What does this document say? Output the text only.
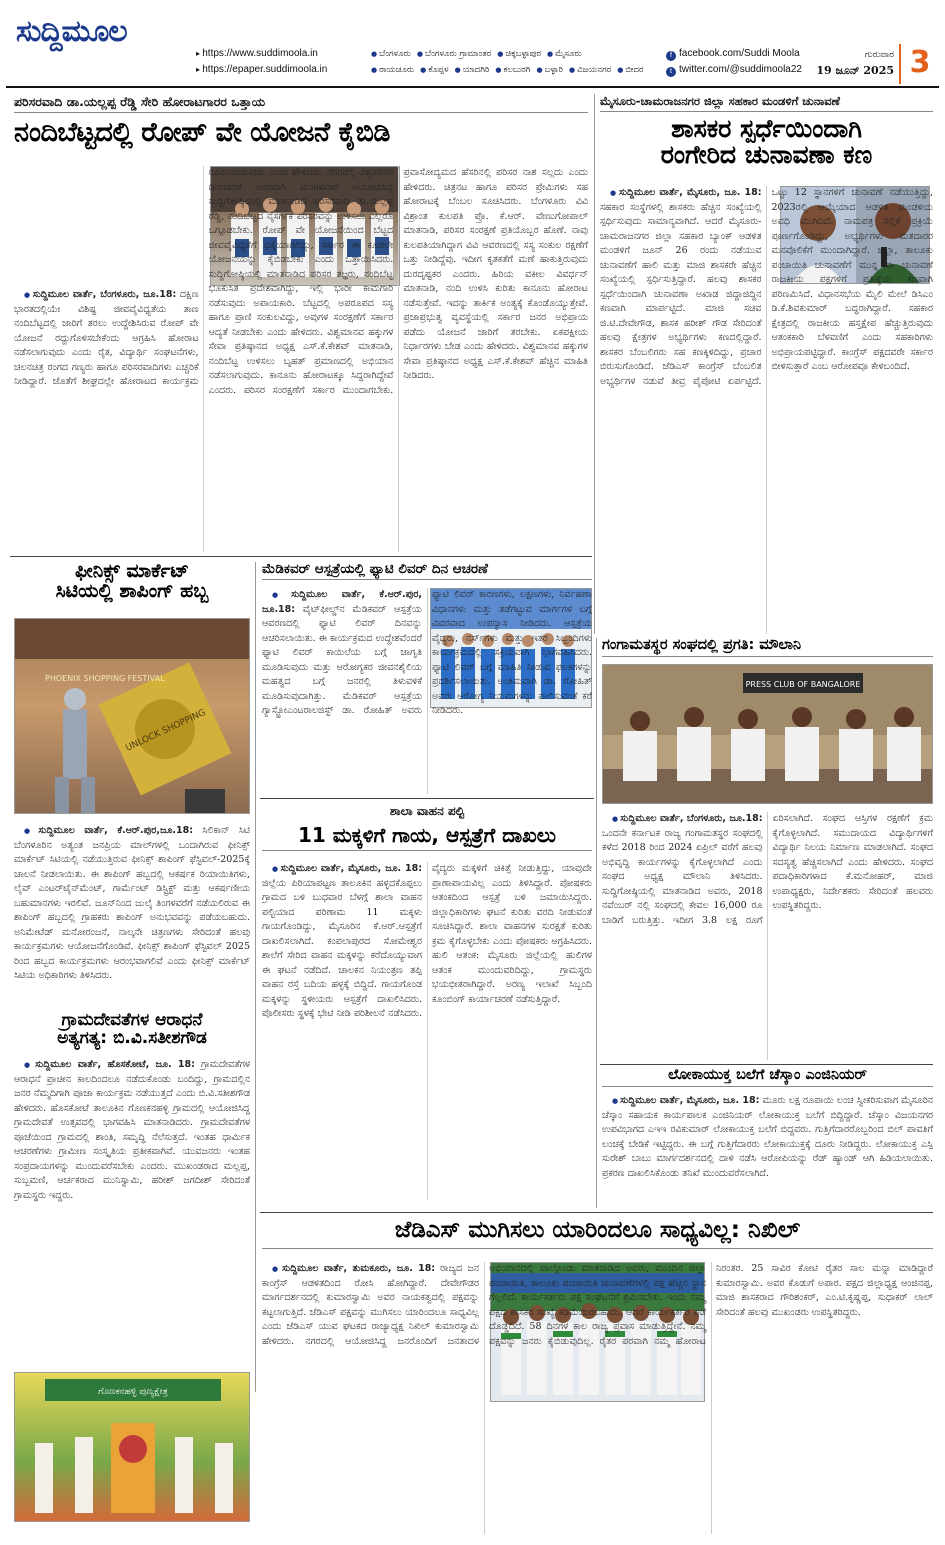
ಸುದ್ದಿಮೂಲ
▸ https://www.suddimoola.in
▸ https://epaper.suddimoola.in
● ಬೆಂಗಳೂರು ● ಬೆಂಗಳೂರು ಗ್ರಾಮಾಂತರ ● ಚಿಕ್ಕಬಳ್ಳಾಪುರ ● ಮೈಸೂರು
● ರಾಯಚೂರು ● ಕೊಪ್ಪಳ ● ಯಾದಗಿರಿ ● ಕಲಬುರಗಿ ● ಬಳ್ಳಾರಿ ● ವಿಜಯನಗರ ● ಬೀದರ
f facebook.com/Suddi Moola
t twitter.com/@suddimoola22
ಗುರುವಾರ
19 ಜೂನ್ 2025 3
ಪರಿಸರವಾದಿ ಡಾ.ಯಲ್ಲಪ್ಪ ರೆಡ್ಡಿ ಸೇರಿ ಹೋರಾಟಗಾರರ ಒತ್ತಾಯ
ನಂದಿಬೆಟ್ಟದಲ್ಲಿ ರೋಪ್ ವೇ ಯೋಜನೆ ಕೈಬಿಡಿ

● ಸುದ್ದಿಮೂಲ ವಾರ್ತೆ, ಬೆಂಗಳೂರು, ಜೂ.18: ದಕ್ಷಿಣ ಭಾರತದಲ್ಲಿಯೇ ವಿಶಿಷ್ಟ ಜೀವವೈವಿಧ್ಯತೆಯ ತಾಣ ನಂದಿಬೆಟ್ಟದಲ್ಲಿ ಜಾರಿಗೆ ತರಲು ಉದ್ದೇಶಿಸಿರುವ ರೋಪ್ ವೇ ಯೋಜನೆ ರದ್ದುಗೊಳಿಸಬೇಕೆಂದು ಆಗ್ರಹಿಸಿ ಹೋರಾಟ ನಡೆಸಲಾಗುವುದು ಎಂದು ರೈತ, ವಿದ್ಯಾರ್ಥಿ ಸಂಘಟನೆಗಳು, ಚಲನಚಿತ್ರ ರಂಗದ ಗಣ್ಯರು ಹಾಗೂ ಪರಿಸರವಾದಿಗಳು ಎಚ್ಚರಿಕೆ ನೀಡಿದ್ದಾರೆ. ಜೊತೆಗೆ ಶೀಘ್ರದಲ್ಲೇ ಹೋರಾಟದ ಕಾರ್ಯಕ್ರಮ ರೂಪಿಸಲಾಗುವುದು ಎಂದು ಹೇಳಿದರು. ನಗರದಲ್ಲಿ ವಿಶ್ವಪರಿಸರ ದಿನಾಚರಣೆ ಅಂಗವಾಗಿ ಮಂಗಳವಾರ ಆಯೋಜಿಸಿದ್ದ ಸುದ್ದಿಗೋಷ್ಠಿಯಲ್ಲಿ ಮಾತನಾಡಿದ ಪರಿಸರವಾದಿ ಡಾ.ಯಲ್ಲಪ್ಪ ರೆಡ್ಡಿ, ನಂದಿಬೆಟ್ಟದ ನೈಸರ್ಗಿಕ ಪರಿಸರವನ್ನು ಉಳಿಸಲು ಎಲ್ಲರೂ ಒಗ್ಗೂಡಬೇಕು. ರೋಪ್ ವೇ ಯೋಜನೆಯಿಂದ ಬೆಟ್ಟದ ಜೀವವೈವಿಧ್ಯತೆಗೆ ಧಕ್ಕೆಯಾಗಲಿದ್ದು, ಸರ್ಕಾರ ಈ ಕೂಡಲೇ ಯೋಜನೆಯನ್ನು ಕೈಬಿಡಬೇಕು ಎಂದು ಒತ್ತಾಯಿಸಿದರು. ಸುದ್ದಿಗೋಷ್ಠಿಯಲ್ಲಿ ಮಾತನಾಡಿದ ಪರಿಸರ ತಜ್ಞರು, ನಂದಿಬೆಟ್ಟ ಭೂಕುಸಿತ ಪ್ರದೇಶವಾಗಿದ್ದು, ಇಲ್ಲಿ ಭಾರೀ ಕಾಮಗಾರಿ ನಡೆಸುವುದು ಅಪಾಯಕಾರಿ. ಬೆಟ್ಟದಲ್ಲಿ ಅಪರೂಪದ ಸಸ್ಯ ಹಾಗೂ ಪ್ರಾಣಿ ಸಂಕುಲವಿದ್ದು, ಅವುಗಳ ಸಂರಕ್ಷಣೆಗೆ ಸರ್ಕಾರ ಆದ್ಯತೆ ನೀಡಬೇಕು ಎಂದು ಹೇಳಿದರು. ವಿಶ್ವಮಾನವ ಹಕ್ಕುಗಳ ಸೇವಾ ಪ್ರತಿಷ್ಠಾನದ ಅಧ್ಯಕ್ಷ ಎಸ್.ಕೆ.ಕೇಶವ್ ಮಾತನಾಡಿ, ನಂದಿಬೆಟ್ಟ ಉಳಿಸಲು ಬೃಹತ್ ಪ್ರಮಾಣದಲ್ಲಿ ಅಭಿಯಾನ ನಡೆಸಲಾಗುವುದು. ಕಾನೂನು ಹೋರಾಟಕ್ಕೂ ಸಿದ್ಧರಾಗಿದ್ದೇವೆ ಎಂದರು. ಪರಿಸರ ಸಂರಕ್ಷಣೆಗೆ ಸರ್ಕಾರ ಮುಂದಾಗಬೇಕು. ಪ್ರವಾಸೋದ್ಯಮದ ಹೆಸರಿನಲ್ಲಿ ಪರಿಸರ ನಾಶ ಸಲ್ಲದು ಎಂದು ಹೇಳಿದರು. ಚಿತ್ರನಟ ಹಾಗೂ ಪರಿಸರ ಪ್ರೇಮಿಗಳು ಸಹ ಹೋರಾಟಕ್ಕೆ ಬೆಂಬಲ ಸೂಚಿಸಿದರು. ಬೆಂಗಳೂರು ವಿವಿ ವಿಶ್ರಾಂತ ಕುಲಪತಿ ಪ್ರೊ. ಕೆ.ಆರ್. ವೇಣುಗೋಪಾಲ್ ಮಾತನಾಡಿ, ಪರಿಸರ ಸಂರಕ್ಷಣೆ ಪ್ರತಿಯೊಬ್ಬರ ಹೊಣೆ. ನಾವು ಕುಲಪತಿಯಾಗಿದ್ದಾಗ ವಿವಿ ಆವರಣದಲ್ಲಿ ಸಸ್ಯ ಸಂಕುಲ ರಕ್ಷಣೆಗೆ ಒತ್ತು ನೀಡಿದ್ದೆವು. ಇದೀಗ ಕೃತಕತೆಗೆ ಮಣೆ ಹಾಕುತ್ತಿರುವುದು ದುರದೃಷ್ಟಕರ ಎಂದರು. ಹಿರಿಯ ವಕೀಲ ವಿವರ್ಧನ್ ಮಾತನಾಡಿ, ನಂದಿ ಉಳಿಸಿ ಕುರಿತು ಕಾನೂನು ಹೋರಾಟ ನಡೆಸುತ್ತೇವೆ. ಇದನ್ನು ತಾರ್ಕಿಕ ಅಂತ್ಯಕ್ಕೆ ಕೊಂಡೊಯ್ಯುತ್ತೇವೆ. ಪ್ರಜಾಪ್ರಭುತ್ವ ವ್ಯವಸ್ಥೆಯಲ್ಲಿ ಸರ್ಕಾರ ಜನರ ಅಭಿಪ್ರಾಯ ಪಡೆದು ಯೋಜನೆ ಜಾರಿಗೆ ತರಬೇಕು. ಏಕಪಕ್ಷೀಯ ನಿರ್ಧಾರಗಳು ಬೇಡ ಎಂದು ಹೇಳಿದರು. ವಿಶ್ವಮಾನವ ಹಕ್ಕುಗಳ ಸೇವಾ ಪ್ರತಿಷ್ಠಾನದ ಅಧ್ಯಕ್ಷ ಎಸ್.ಕೆ.ಕೇಶವ್ ಹೆಚ್ಚಿನ ಮಾಹಿತಿ ನೀಡಿದರು.

ಮೈಸೂರು-ಚಾಮರಾಜನಗರ ಜಿಲ್ಲಾ ಸಹಕಾರ ಮಂಡಳಿಗೆ ಚುನಾವಣೆ
ಶಾಸಕರ ಸ್ಪರ್ಧೆಯಿಂದಾಗಿ
ರಂಗೇರಿದ ಚುನಾವಣಾ ಕಣ

● ಸುದ್ದಿಮೂಲ ವಾರ್ತೆ, ಮೈಸೂರು, ಜೂ. 18: ಸಹಕಾರ ಸಂಸ್ಥೆಗಳಲ್ಲಿ ಶಾಸಕರು ಹೆಚ್ಚಿನ ಸಂಖ್ಯೆಯಲ್ಲಿ ಸ್ಪರ್ಧಿಸುವುದು ಸಾಮಾನ್ಯವಾಗಿದೆ. ಆದರೆ ಮೈಸೂರು-ಚಾಮರಾಜನಗರ ಜಿಲ್ಲಾ ಸಹಕಾರ ಬ್ಯಾಂಕ್ ಆಡಳಿತ ಮಂಡಳಿಗೆ ಜೂನ್ 26 ರಂದು ನಡೆಯುವ ಚುನಾವಣೆಗೆ ಹಾಲಿ ಮತ್ತು ಮಾಜಿ ಶಾಸಕರೇ ಹೆಚ್ಚಿನ ಸಂಖ್ಯೆಯಲ್ಲಿ ಸ್ಪರ್ಧಿಸುತ್ತಿದ್ದಾರೆ. ಹಲವು ಶಾಸಕರ ಸ್ಪರ್ಧೆಯಿಂದಾಗಿ ಚುನಾವಣಾ ಅಖಾಡ ಜಿದ್ದಾಜಿದ್ದಿನ ಕಣವಾಗಿ ಮಾರ್ಪಟ್ಟಿದೆ. ಮಾಜಿ ಸಚಿವ ಜಿ.ಟಿ.ದೇವೇಗೌಡ, ಶಾಸಕ ಹರೀಶ್ ಗೌಡ ಸೇರಿದಂತೆ ಹಲವು ಕ್ಷೇತ್ರಗಳ ಅಭ್ಯರ್ಥಿಗಳು ಕಣದಲ್ಲಿದ್ದಾರೆ. ಶಾಸಕರ ಬೆಂಬಲಿಗರು ಸಹ ಕಣಕ್ಕಿಳಿದಿದ್ದು, ಪ್ರಚಾರ ಬಿರುಸುಗೊಂಡಿದೆ. ಜೆಡಿಎಸ್ ಕಾಂಗ್ರೆಸ್ ಬೆಂಬಲಿತ ಅಭ್ಯರ್ಥಿಗಳ ನಡುವೆ ತೀವ್ರ ಪೈಪೋಟಿ ಏರ್ಪಟ್ಟಿದೆ. ಒಟ್ಟು 12 ಸ್ಥಾನಗಳಿಗೆ ಚುನಾವಣೆ ನಡೆಯುತ್ತಿದ್ದು, 2023ರಲ್ಲಿ ಆಯ್ಕೆಯಾದ ಆಡಳಿತ ಮಂಡಳಿಯ ಅವಧಿ ಮುಗಿದಿದೆ. ನಾಮಪತ್ರ ಸಲ್ಲಿಕೆ ಪ್ರಕ್ರಿಯೆ ಪೂರ್ಣಗೊಂಡಿದ್ದು, ಅಭ್ಯರ್ಥಿಗಳು ಮತದಾರರ ಮನವೊಲಿಕೆಗೆ ಮುಂದಾಗಿದ್ದಾರೆ. ಜಿಲ್ಲಾ, ತಾಲೂಕು ಪಂಚಾಯಿತಿ ಚುನಾವಣೆಗೆ ಮುನ್ನ ಈ ಚುನಾವಣೆ ರಾಜಕೀಯ ಪಕ್ಷಗಳಿಗೆ ಪ್ರತಿಷ್ಠೆಯ ಕಣವಾಗಿ ಪರಿಣಮಿಸಿದೆ. ವಿಧಾನಸಭೆಯ ಮೈಲಿ ಮೇಲೆ ಡಿಸಿಎಂ ಡಿ.ಕೆ.ಶಿವಕುಮಾರ್ ಬದ್ಧರಾಗಿದ್ದಾರೆ. ಸಹಕಾರ ಕ್ಷೇತ್ರದಲ್ಲಿ ರಾಜಕೀಯ ಹಸ್ತಕ್ಷೇಪ ಹೆಚ್ಚುತ್ತಿರುವುದು ಆತಂಕಕಾರಿ ಬೆಳವಣಿಗೆ ಎಂದು ಸಹಕಾರಿಗಳು ಅಭಿಪ್ರಾಯಪಟ್ಟಿದ್ದಾರೆ. ಕಾಂಗ್ರೆಸ್ ಪಕ್ಷದವರೇ ಸರ್ಕಾರ ಬೀಳಿಸುತ್ತಾರೆ ಎಂಬ ಆರೋಪವೂ ಕೇಳಿಬಂದಿದೆ.

ಫೀನಿಕ್ಸ್ ಮಾರ್ಕೆಟ್
ಸಿಟಿಯಲ್ಲಿ ಶಾಪಿಂಗ್ ಹಬ್ಬ
UNLOCK SHOPPING
PHOENIX SHOPPING FESTIVAL

● ಸುದ್ದಿಮೂಲ ವಾರ್ತೆ, ಕೆ.ಆರ್.ಪುರ,ಜೂ.18: ಸಿಲಿಕಾನ್ ಸಿಟಿ ಬೆಂಗಳೂರಿನ ಅತ್ಯಂತ ಜನಪ್ರಿಯ ಮಾಲ್‌ಗಳಲ್ಲಿ ಒಂದಾಗಿರುವ ಫೀನಿಕ್ಸ್ ಮಾರ್ಕೆಟ್ ಸಿಟಿಯಲ್ಲಿ ನಡೆಯುತ್ತಿರುವ ಫೀನಿಕ್ಸ್ ಶಾಪಿಂಗ್ ಫೆಸ್ಟಿವಲ್-2025ಕ್ಕೆ ಚಾಲನೆ ನೀಡಲಾಯಿತು. ಈ ಶಾಪಿಂಗ್ ಹಬ್ಬದಲ್ಲಿ ಆಕರ್ಷಕ ರಿಯಾಯಿತಿಗಳು, ಲೈವ್ ಎಂಟರ್‌ಟೈನ್‌ಮೆಂಟ್, ಗಾರ್ಮೆಂಟ್ ಡಿಸ್ಟ್ರಿಕ್ಟ್ ಮತ್ತು ಆಕರ್ಷಣೀಯ ಬಹುಮಾನಗಳು ಇರಲಿವೆ. ಜೂನ್‌ನಿಂದ ಜುಲೈ ತಿಂಗಳವರೆಗೆ ನಡೆಯಲಿರುವ ಈ ಶಾಪಿಂಗ್ ಹಬ್ಬದಲ್ಲಿ ಗ್ರಾಹಕರು ಶಾಪಿಂಗ್ ಅನುಭವವನ್ನು ಪಡೆಯಬಹುದು. ಅನಿಮೇಟೆಡ್ ಮನೋರಂಜನೆ, ನಾಲ್ಕನೇ ಚಿತ್ರಣಗಳು ಸೇರಿದಂತೆ ಹಲವು ಕಾರ್ಯಕ್ರಮಗಳು ಆಯೋಜನೆಗೊಂಡಿವೆ. ಫೀನಿಕ್ಸ್ ಶಾಪಿಂಗ್ ಫೆಸ್ಟಿವಲ್ 2025 ರಿಂದ ಹಬ್ಬದ ಕಾರ್ಯಕ್ರಮಗಳು ಆರಂಭವಾಗಲಿವೆ ಎಂದು ಫೀನಿಕ್ಸ್ ಮಾರ್ಕೆಟ್ ಸಿಟಿಯ ಅಧಿಕಾರಿಗಳು ತಿಳಿಸಿದರು.

ಗ್ರಾಮದೇವತೆಗಳ ಆರಾಧನೆ
ಅತ್ಯಗತ್ಯ: ಬಿ.ವಿ.ಸತೀಶಗೌಡ

● ಸುದ್ದಿಮೂಲ ವಾರ್ತೆ, ಹೊಸಕೋಟೆ, ಜೂ. 18: ಗ್ರಾಮದೇವತೆಗಳ ಆರಾಧನೆ ಪ್ರಾಚೀನ ಕಾಲದಿಂದಲೂ ನಡೆದುಕೊಂಡು ಬಂದಿದ್ದು, ಗ್ರಾಮದಲ್ಲಿನ ಜನರ ನೆಮ್ಮದಿಗಾಗಿ ಪೂಜಾ ಕಾರ್ಯಕ್ರಮ ನಡೆಯುತ್ತದೆ ಎಂದು ಬಿ.ವಿ.ಸತೀಶಗೌಡ ಹೇಳಿದರು. ಹೊಸಕೋಟೆ ತಾಲೂಕಿನ ಗೊಣಕನಹಳ್ಳಿ ಗ್ರಾಮದಲ್ಲಿ ಆಯೋಜಿಸಿದ್ದ ಗ್ರಾಮದೇವತೆ ಉತ್ಸವದಲ್ಲಿ ಭಾಗವಹಿಸಿ ಮಾತನಾಡಿದರು. ಗ್ರಾಮದೇವತೆಗಳ ಪೂಜೆಯಿಂದ ಗ್ರಾಮದಲ್ಲಿ ಶಾಂತಿ, ಸಮೃದ್ಧಿ ನೆಲೆಸುತ್ತದೆ. ಇಂತಹ ಧಾರ್ಮಿಕ ಆಚರಣೆಗಳು ಗ್ರಾಮೀಣ ಸಂಸ್ಕೃತಿಯ ಪ್ರತೀಕವಾಗಿವೆ. ಯುವಜನರು ಇಂತಹ ಸಂಪ್ರದಾಯಗಳನ್ನು ಮುಂದುವರೆಸಬೇಕು ಎಂದರು. ಮುಖಂಡರಾದ ಮಲ್ಲಪ್ಪ, ಸುಬ್ಬಮಣಿ, ಆರ್ಚಕರಾದ ಮುನಿಸ್ವಾಮಿ, ಹರೀಶ್ ಜಗದೀಶ್ ಸೇರಿದಂತೆ ಗ್ರಾಮಸ್ಥರು ಇದ್ದರು.

ಗೊಣಕನಹಳ್ಳಿ ಪುಣ್ಯಕ್ಷೇತ್ರ
ಮೆಡಿಕವರ್ ಆಸ್ಪತ್ರೆಯಲ್ಲಿ ಫ್ಯಾಟಿ ಲಿವರ್ ದಿನ ಆಚರಣೆ

● ಸುದ್ದಿಮೂಲ ವಾರ್ತೆ, ಕೆ.ಆರ್.ಪುರ, ಜೂ.18: ವೈಟ್‌ಫೀಲ್ಡ್‌ನ ಮೆಡಿಕವರ್ ಆಸ್ಪತ್ರೆಯ ಆವರಣದಲ್ಲಿ ಫ್ಯಾಟಿ ಲಿವರ್ ದಿನವನ್ನು ಆಚರಿಸಲಾಯಿತು. ಈ ಕಾರ್ಯಕ್ರಮದ ಉದ್ದೇಶವೆಂದರೆ ಫ್ಯಾಟಿ ಲಿವರ್ ಕಾಯಿಲೆಯ ಬಗ್ಗೆ ಜಾಗೃತಿ ಮೂಡಿಸುವುದು ಮತ್ತು ಆರೋಗ್ಯಕರ ಜೀವನಶೈಲಿಯ ಮಹತ್ವದ ಬಗ್ಗೆ ಜನರಲ್ಲಿ ತಿಳುವಳಿಕೆ ಮೂಡಿಸುವುದಾಗಿತ್ತು. ಮೆಡಿಕವರ್ ಆಸ್ಪತ್ರೆಯ ಗ್ಯಾಸ್ಟ್ರೋಎಂಟರಾಲಜಿಸ್ಟ್ ಡಾ. ರೋಹಿತ್ ಅವರು ಫ್ಯಾಟಿ ಲಿವರ್ ಕಾರಣಗಳು, ಲಕ್ಷಣಗಳು, ನಿರ್ವಹಣಾ ವಿಧಾನಗಳು ಮತ್ತು ತಡೆಗಟ್ಟುವ ಮಾರ್ಗಗಳ ಬಗ್ಗೆ ವಿವರವಾದ ಉಪನ್ಯಾಸ ನೀಡಿದರು. ಆಸ್ಪತ್ರೆಯ ವೈದ್ಯರು, ನರ್ಸ್‌ಗಳು ಮತ್ತು ಇತರ ಸಿಬ್ಬಂದಿಗಳು ಕಾರ್ಯಕ್ರಮದಲ್ಲಿ ಸಕ್ರಿಯವಾಗಿ ಭಾಗವಹಿಸಿದರು. ಫ್ಯಾಟಿ ಲಿವರ್ ಬಗ್ಗೆ ಮಾಹಿತಿ ನೀಡುವ ಫಲಕಗಳನ್ನು ಪ್ರದರ್ಶಿಸಲಾಯಿತು. ಅಂತಿಮವಾಗಿ ಡಾ. ರೋಹಿತ್ ಅವರು ಆರೋಗ್ಯ ನಿಯಮಗಳನ್ನು ಪಾಲಿಸುವಂತೆ ಕರೆ ನೀಡಿದರು.

ಶಾಲಾ ವಾಹನ ಪಲ್ಟಿ
11 ಮಕ್ಕಳಿಗೆ ಗಾಯ, ಆಸ್ಪತ್ರೆಗೆ ದಾಖಲು

● ಸುದ್ದಿಮೂಲ ವಾರ್ತೆ, ಮೈಸೂರು, ಜೂ. 18: ಜಿಲ್ಲೆಯ ಪಿರಿಯಾಪಟ್ಟಣ ತಾಲೂಕಿನ ಹಳ್ಳದಕೊಪ್ಪಲು ಗ್ರಾಮದ ಬಳಿ ಬುಧವಾರ ಬೆಳಗ್ಗೆ ಶಾಲಾ ವಾಹನ ಪಲ್ಟಿಯಾದ ಪರಿಣಾಮ 11 ಮಕ್ಕಳು ಗಾಯಗೊಂಡಿದ್ದು, ಮೈಸೂರಿನ ಕೆ.ಆರ್.ಆಸ್ಪತ್ರೆಗೆ ದಾಖಲಿಸಲಾಗಿದೆ. ಕಂಪಲಾಪುರದ ಸೋಮೇಶ್ವರ ಶಾಲೆಗೆ ಸೇರಿದ ವಾಹನ ಮಕ್ಕಳನ್ನು ಕರೆದೊಯ್ಯುವಾಗ ಈ ಘಟನೆ ನಡೆದಿದೆ. ಚಾಲಕನ ನಿಯಂತ್ರಣ ತಪ್ಪಿ ವಾಹನ ರಸ್ತೆ ಬದಿಯ ಹಳ್ಳಕ್ಕೆ ಬಿದ್ದಿದೆ. ಗಾಯಗೊಂಡ ಮಕ್ಕಳನ್ನು ಸ್ಥಳೀಯರು ಆಸ್ಪತ್ರೆಗೆ ದಾಖಲಿಸಿದರು. ಪೊಲೀಸರು ಸ್ಥಳಕ್ಕೆ ಭೇಟಿ ನೀಡಿ ಪರಿಶೀಲನೆ ನಡೆಸಿದರು. ವೈದ್ಯರು ಮಕ್ಕಳಿಗೆ ಚಿಕಿತ್ಸೆ ನೀಡುತ್ತಿದ್ದು, ಯಾವುದೇ ಪ್ರಾಣಾಪಾಯವಿಲ್ಲ ಎಂದು ತಿಳಿಸಿದ್ದಾರೆ. ಪೋಷಕರು ಆತಂಕದಿಂದ ಆಸ್ಪತ್ರೆ ಬಳಿ ಜಮಾಯಿಸಿದ್ದರು. ಜಿಲ್ಲಾಧಿಕಾರಿಗಳು ಘಟನೆ ಕುರಿತು ವರದಿ ನೀಡುವಂತೆ ಸೂಚಿಸಿದ್ದಾರೆ. ಶಾಲಾ ವಾಹನಗಳ ಸುರಕ್ಷತೆ ಕುರಿತು ಕ್ರಮ ಕೈಗೊಳ್ಳಬೇಕು ಎಂದು ಪೋಷಕರು ಆಗ್ರಹಿಸಿದರು. ಹುಲಿ ಆತಂಕ: ಮೈಸೂರು ಜಿಲ್ಲೆಯಲ್ಲಿ ಹುಲಿಗಳ ಆತಂಕ ಮುಂದುವರಿದಿದ್ದು, ಗ್ರಾಮಸ್ಥರು ಭಯಭೀತರಾಗಿದ್ದಾರೆ. ಅರಣ್ಯ ಇಲಾಖೆ ಸಿಬ್ಬಂದಿ ಕೂಂಬಿಂಗ್ ಕಾರ್ಯಾಚರಣೆ ನಡೆಸುತ್ತಿದ್ದಾರೆ.

ಗಂಗಾಮತಸ್ಥರ ಸಂಘದಲ್ಲಿ ಪ್ರಗತಿ: ಮೌಲಾನಿ
PRESS CLUB OF BANGALORE

● ಸುದ್ದಿಮೂಲ ವಾರ್ತೆ, ಬೆಂಗಳೂರು, ಜೂ.18: ಒಂದನೇ ಕರ್ನಾಟಕ ರಾಜ್ಯ ಗಂಗಾಮತಸ್ಥರ ಸಂಘದಲ್ಲಿ ಕಳೆದ 2018 ರಿಂದ 2024 ಏಪ್ರಿಲ್ ವರೆಗೆ ಹಲವು ಅಭಿವೃದ್ಧಿ ಕಾರ್ಯಗಳನ್ನು ಕೈಗೊಳ್ಳಲಾಗಿದೆ ಎಂದು ಸಂಘದ ಅಧ್ಯಕ್ಷ ಮೌಲಾನಿ ತಿಳಿಸಿದರು. ಸುದ್ದಿಗೋಷ್ಠಿಯಲ್ಲಿ ಮಾತನಾಡಿದ ಅವರು, 2018 ನವೆಂಬರ್ ನಲ್ಲಿ ಸಂಘದಲ್ಲಿ ಕೇವಲ 16,000 ರೂ ಬಾಡಿಗೆ ಬರುತ್ತಿತ್ತು. ಇದೀಗ 3.8 ಲಕ್ಷ ರೂಗೆ ಏರಿಸಲಾಗಿದೆ. ಸಂಘದ ಆಸ್ತಿಗಳ ರಕ್ಷಣೆಗೆ ಕ್ರಮ ಕೈಗೊಳ್ಳಲಾಗಿದೆ. ಸಮುದಾಯದ ವಿದ್ಯಾರ್ಥಿಗಳಿಗೆ ವಿದ್ಯಾರ್ಥಿ ನಿಲಯ ನಿರ್ಮಾಣ ಮಾಡಲಾಗಿದೆ. ಸಂಘದ ಸದಸ್ಯತ್ವ ಹೆಚ್ಚಿಸಲಾಗಿದೆ ಎಂದು ಹೇಳಿದರು. ಸಂಘದ ಪದಾಧಿಕಾರಿಗಳಾದ ಕೆ.ಮನೋಹರ್, ಮಾಜಿ ಉಪಾಧ್ಯಕ್ಷರು, ನಿರ್ದೇಶಕರು ಸೇರಿದಂತೆ ಹಲವರು ಉಪಸ್ಥಿತರಿದ್ದರು.

ಲೋಕಾಯುಕ್ತ ಬಲೆಗೆ ಚೆಸ್ಕಾಂ ಎಂಜಿನಿಯರ್

● ಸುದ್ದಿಮೂಲ ವಾರ್ತೆ, ಮೈಸೂರು, ಜೂ. 18: ಮೂರು ಲಕ್ಷ ರೂಪಾಯಿ ಲಂಚ ಸ್ವೀಕರಿಸುವಾಗ ಮೈಸೂರಿನ ಚೆಸ್ಕಾಂ ಸಹಾಯಕ ಕಾರ್ಯಪಾಲಕ ಎಂಜಿನಿಯರ್ ಲೋಕಾಯುಕ್ತ ಬಲೆಗೆ ಬಿದ್ದಿದ್ದಾರೆ. ಚೆಸ್ಕಾಂ ವಿಜಯನಗರ ಉಪವಿಭಾಗದ ಎಇಇ ರವಿಕುಮಾರ್ ಲೋಕಾಯುಕ್ತ ಬಲೆಗೆ ಬಿದ್ದವರು. ಗುತ್ತಿಗೆದಾರರೊಬ್ಬರಿಂದ ಬಿಲ್ ಪಾವತಿಗೆ ಲಂಚಕ್ಕೆ ಬೇಡಿಕೆ ಇಟ್ಟಿದ್ದರು. ಈ ಬಗ್ಗೆ ಗುತ್ತಿಗೆದಾರರು ಲೋಕಾಯುಕ್ತಕ್ಕೆ ದೂರು ನೀಡಿದ್ದರು. ಲೋಕಾಯುಕ್ತ ಎಸ್ಪಿ ಸುರೇಶ್ ಬಾಬು ಮಾರ್ಗದರ್ಶನದಲ್ಲಿ ದಾಳಿ ನಡೆಸಿ ಆರೋಪಿಯನ್ನು ರೆಡ್ ಹ್ಯಾಂಡ್ ಆಗಿ ಹಿಡಿಯಲಾಯಿತು. ಪ್ರಕರಣ ದಾಖಲಿಸಿಕೊಂಡು ತನಿಖೆ ಮುಂದುವರೆಸಲಾಗಿದೆ.

ಜೆಡಿಎಸ್ ಮುಗಿಸಲು ಯಾರಿಂದಲೂ ಸಾಧ್ಯವಿಲ್ಲ: ನಿಖಿಲ್

● ಸುದ್ದಿಮೂಲ ವಾರ್ತೆ, ತುಮಕೂರು, ಜೂ. 18: ರಾಜ್ಯದ ಜನ ಕಾಂಗ್ರೆಸ್ ಆಡಳಿತದಿಂದ ರೋಸಿ ಹೋಗಿದ್ದಾರೆ. ದೇವೇಗೌಡರ ಮಾರ್ಗದರ್ಶನದಲ್ಲಿ ಕುಮಾರಸ್ವಾಮಿ ಅವರ ನಾಯಕತ್ವದಲ್ಲಿ ಪಕ್ಷವನ್ನು ಕಟ್ಟಲಾಗುತ್ತಿದೆ. ಜೆಡಿಎಸ್ ಪಕ್ಷವನ್ನು ಮುಗಿಸಲು ಯಾರಿಂದಲೂ ಸಾಧ್ಯವಿಲ್ಲ ಎಂದು ಜೆಡಿಎಸ್ ಯುವ ಘಟಕದ ರಾಜ್ಯಾಧ್ಯಕ್ಷ ನಿಖಿಲ್ ಕುಮಾರಸ್ವಾಮಿ ಹೇಳಿದರು. ನಗರದಲ್ಲಿ ಆಯೋಜಿಸಿದ್ದ ಜನರೊಂದಿಗೆ ಜನತಾದಳ ಅಭಿಯಾನದಲ್ಲಿ ಪಾಲ್ಗೊಂಡು ಮಾತನಾಡಿದ ಅವರು, ಮುಂದಿನ ಜಿಲ್ಲಾ ಪಂಚಾಯಿತಿ, ತಾಲೂಕು ಪಂಚಾಯಿತಿ ಚುನಾವಣೆಗಳಲ್ಲಿ ಪಕ್ಷ ಹೆಚ್ಚಿನ ಸ್ಥಾನ ಗೆಲ್ಲಲಿದೆ. ಕಾರ್ಯಕರ್ತರು ಪಕ್ಷ ಸಂಘಟನೆಗೆ ಶ್ರಮಿಸಬೇಕು. ಇಂದು ನಮ್ಮ ಪಕ್ಷದ ಶಾಸಕರ ಸಂಖ್ಯೆ ಕಡಿಮೆಯಿರಬಹುದು. ಆದರೆ ಕಾರ್ಯಕರ್ತರ ಪಡೆ ದೊಡ್ಡದಿದೆ. 58 ದಿನಗಳ ಕಾಲ ರಾಜ್ಯ ಪ್ರವಾಸ ಮಾಡುತ್ತಿದ್ದೇನೆ. ನಮ್ಮ ಪಕ್ಷವನ್ನು ಜನರು ಕೈಬಿಡುವುದಿಲ್ಲ. ರೈತರ ಪರವಾಗಿ ನಮ್ಮ ಹೋರಾಟ ನಿರಂತರ. 25 ಸಾವಿರ ಕೋಟಿ ರೈತರ ಸಾಲ ಮನ್ನಾ ಮಾಡಿದ್ದಾರೆ ಕುಮಾರಸ್ವಾಮಿ. ಅವರ ಕೊಡುಗೆ ಅಪಾರ. ಪಕ್ಷದ ಜಿಲ್ಲಾಧ್ಯಕ್ಷ ಆಂಜಿನಪ್ಪ, ಮಾಜಿ ಶಾಸಕರಾದ ಗೌರಿಶಂಕರ್, ಎಂ.ಟಿ.ಕೃಷ್ಣಪ್ಪ, ಸುಧಾಕರ್ ಲಾಲ್ ಸೇರಿದಂತೆ ಹಲವು ಮುಖಂಡರು ಉಪಸ್ಥಿತರಿದ್ದರು.
